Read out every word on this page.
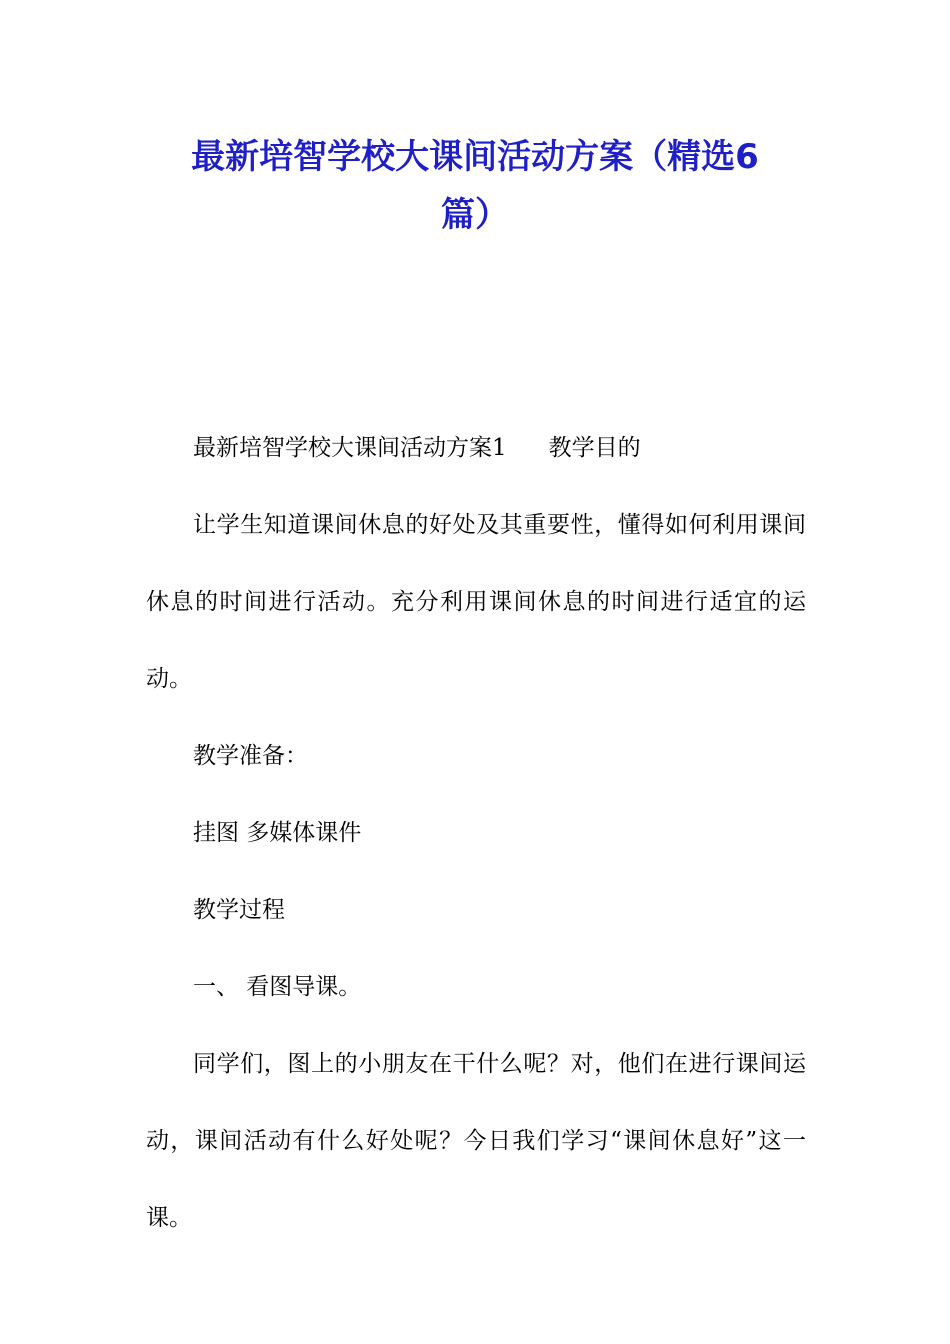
最新培智学校大课间活动方案（精选6篇）

最新培智学校大课间活动方案1 教学目的

让学生知道课间休息的好处及其重要性，懂得如何利用课间休息的时间进行活动。充分利用课间休息的时间进行适宜的运动。

教学准备：

挂图 多媒体课件

教学过程

一、 看图导课。

同学们，图上的小朋友在干什么呢？对，他们在进行课间运动，课间活动有什么好处呢？今日我们学习“课间休息好”这一课。
